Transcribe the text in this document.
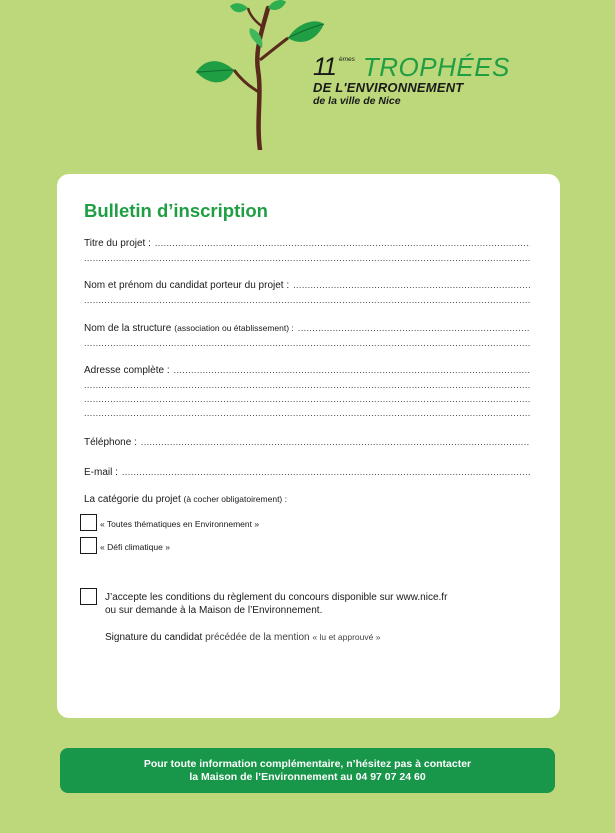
11 èmes TROPHÉES
DE L'ENVIRONNEMENT
de la ville de Nice
Bulletin d’inscription
Titre du projet :
.....
.....
Nom et prénom du candidat porteur du projet :
.....
.....
Nom de la structure (association ou établissement) :
.....
.....
Adresse complète :
.....
.....
.....
.....
Téléphone :
.....
E-mail :
.....
La catégorie du projet (à cocher obligatoirement) :
« Toutes thématiques en Environnement »
« Défi climatique »
J’accepte les conditions du règlement du concours disponible sur www.nice.fr
ou sur demande à la Maison de l’Environnement.
Signature du candidat précédée de la mention « lu et approuvé »
Pour toute information complémentaire, n’hésitez pas à contacter
la Maison de l’Environnement au 04 97 07 24 60
